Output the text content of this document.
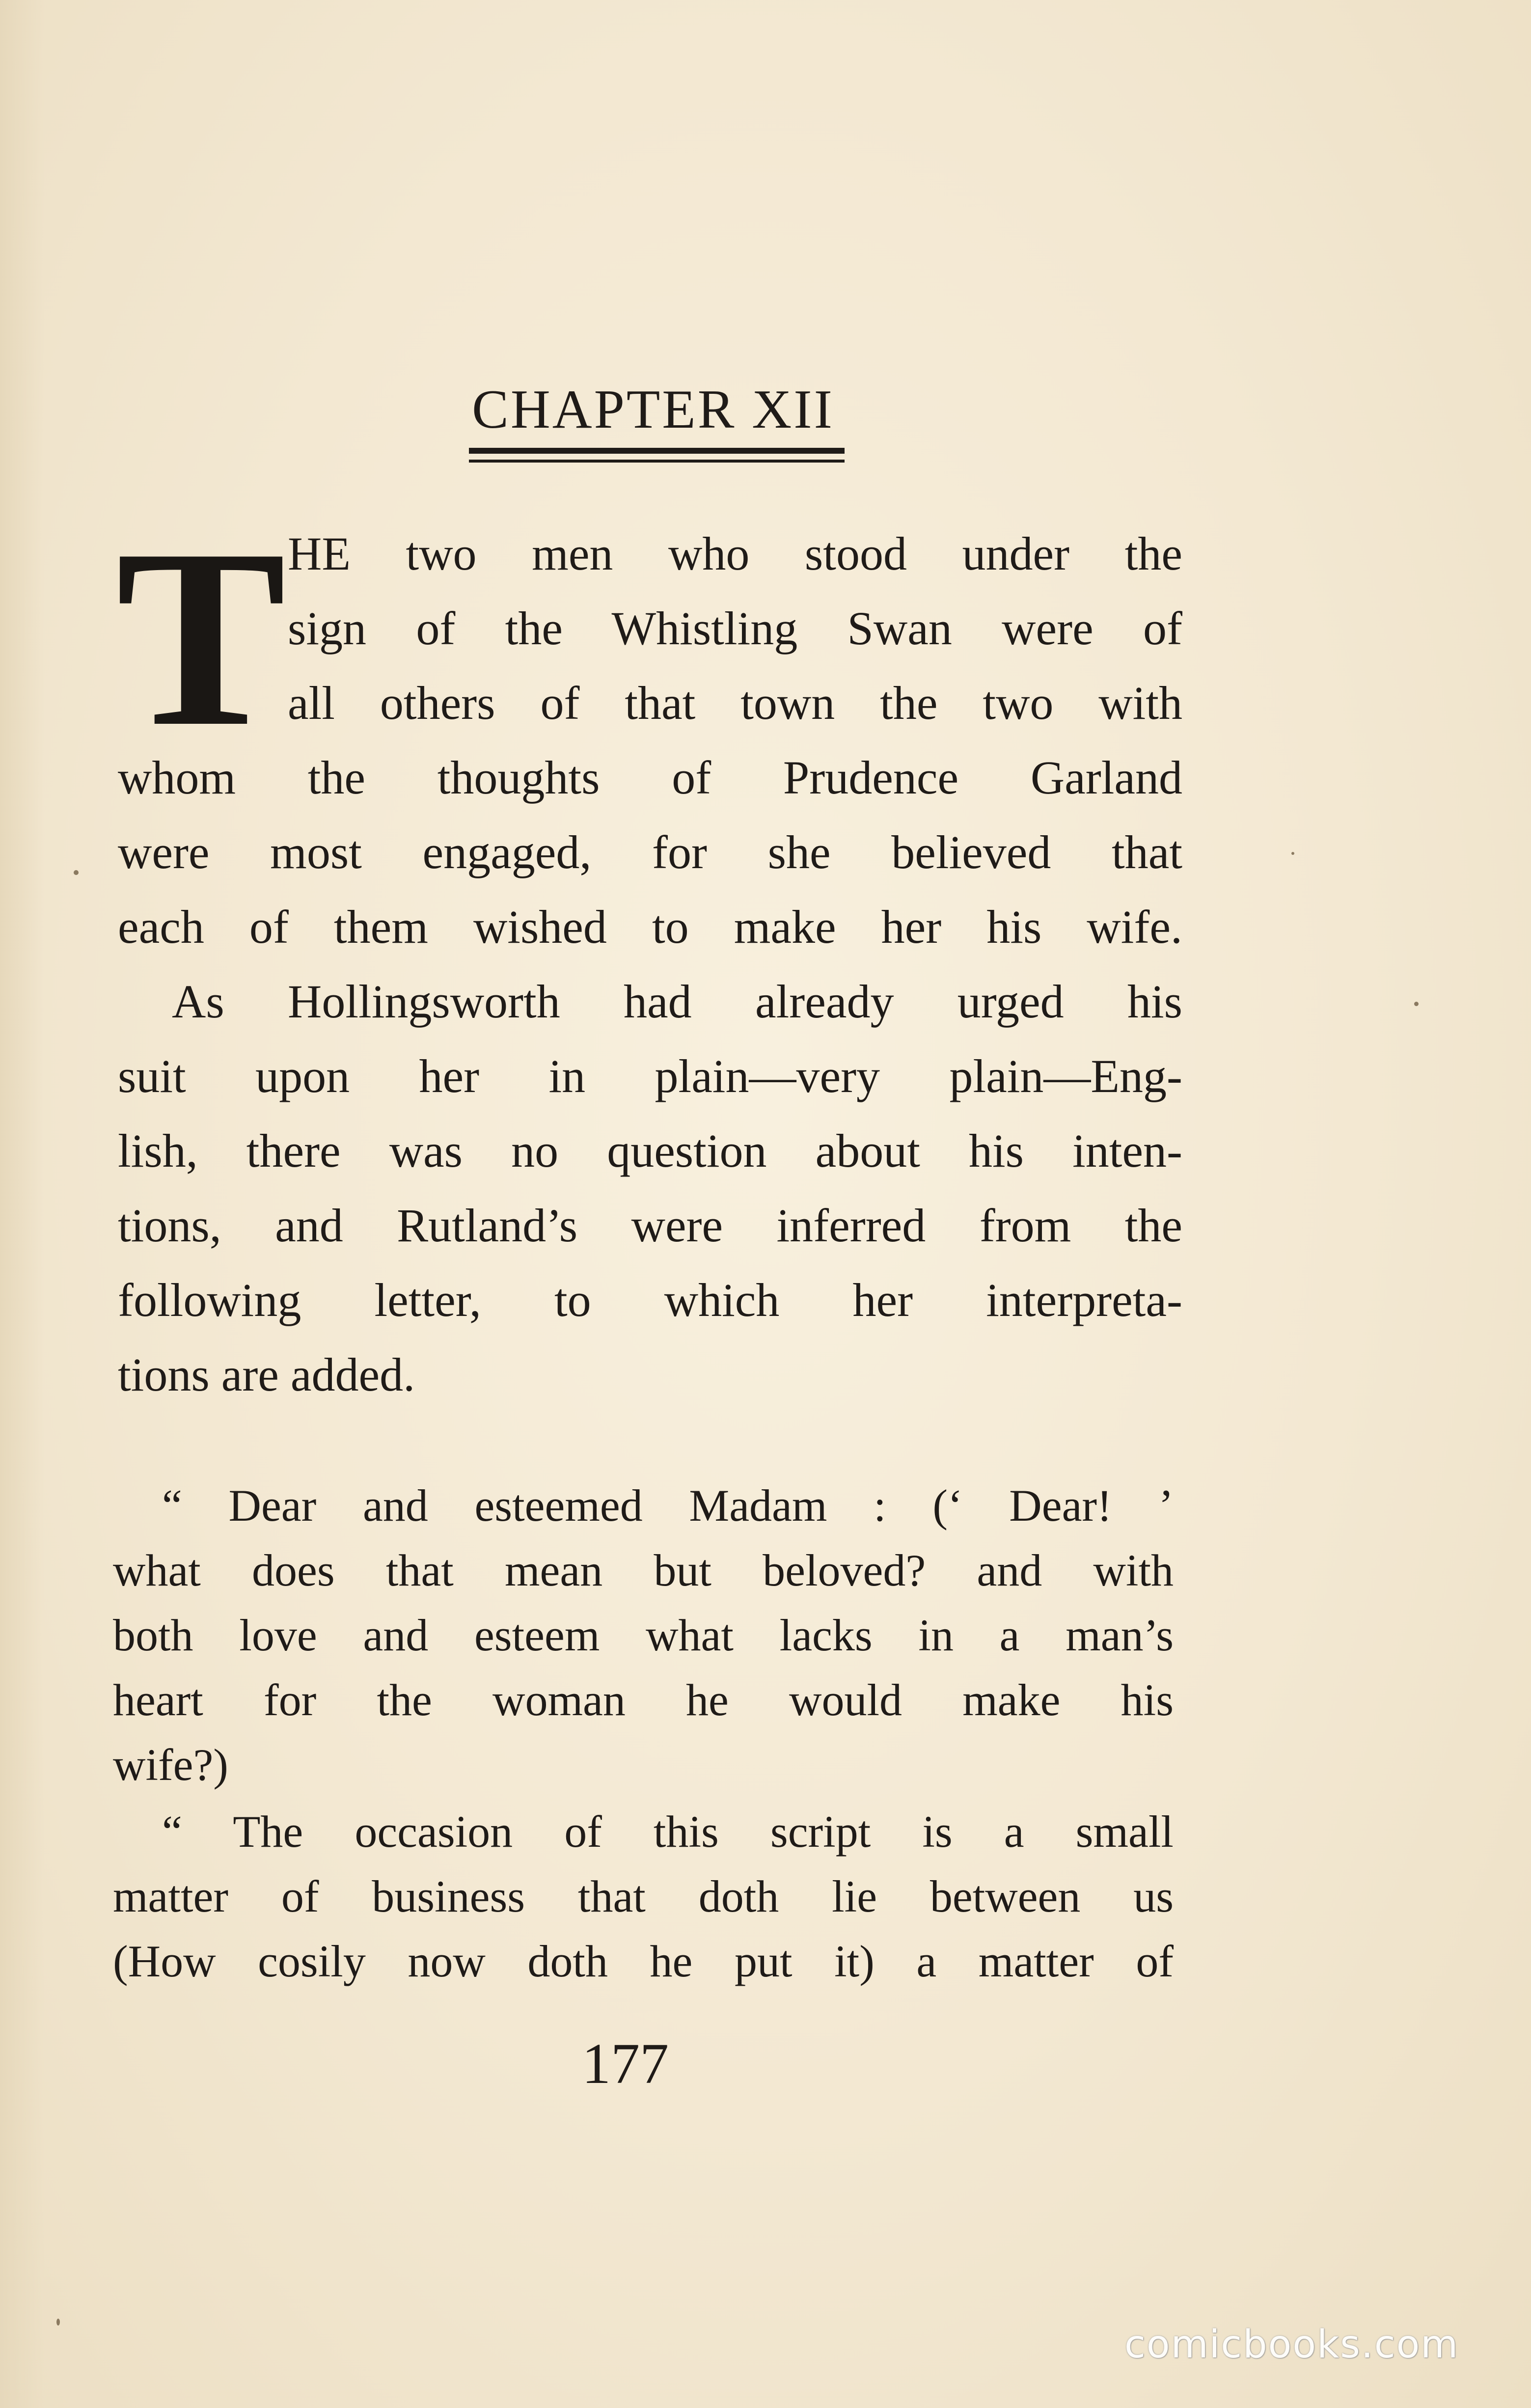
CHAPTER XII
T HE two men who stood under the
sign of the Whistling Swan were of
all others of that town the two with
whom the thoughts of Prudence Garland
were most engaged, for she believed that
each of them wished to make her his wife.
As Hollingsworth had already urged his
suit upon her in plain—very plain—Eng-
lish, there was no question about his inten-
tions, and Rutland’s were inferred from the
following letter, to which her interpreta-
tions are added.
“ Dear and esteemed Madam : (‘ Dear! ’
what does that mean but beloved? and with
both love and esteem what lacks in a man’s
heart for the woman he would make his
wife?)
“ The occasion of this script is a small
matter of business that doth lie between us
(How cosily now doth he put it) a matter of
177
comicbooks.com
